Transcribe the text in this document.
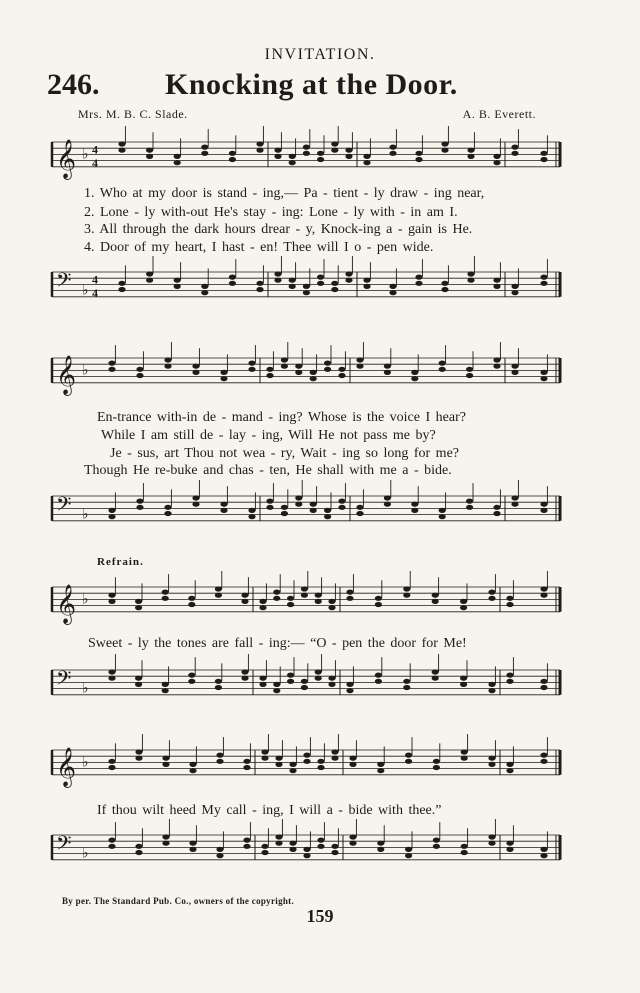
INVITATION.
246. Knocking at the Door.
Mrs. M. B. C. Slade.	A. B. Everett.
𝄞 ♭ 4
4
𝄢 ♭
4
4
𝄞 ♭
𝄢 ♭
𝄞 ♭
𝄢 ♭
𝄞 ♭
𝄢 ♭
1. Who at my door is stand - ing,— Pa - tient - ly draw - ing near,
2. Lone - ly with-out He's stay - ing: Lone - ly with - in am I.
3. All through the dark hours drear - y, Knock-ing a - gain is He.
4. Door of my heart, I hast - en! Thee will I o - pen wide.
En-trance with-in de - mand - ing? Whose is the voice I hear?
While I am still de - lay - ing, Will He not pass me by?
Je - sus, art Thou not wea - ry, Wait - ing so long for me?
Though He re-buke and chas - ten, He shall with me a - bide.
Refrain.
Sweet - ly the tones are fall - ing:— “O - pen the door for Me!
If thou wilt heed My call - ing, I will a - bide with thee.”
By per. The Standard Pub. Co., owners of the copyright.
159
